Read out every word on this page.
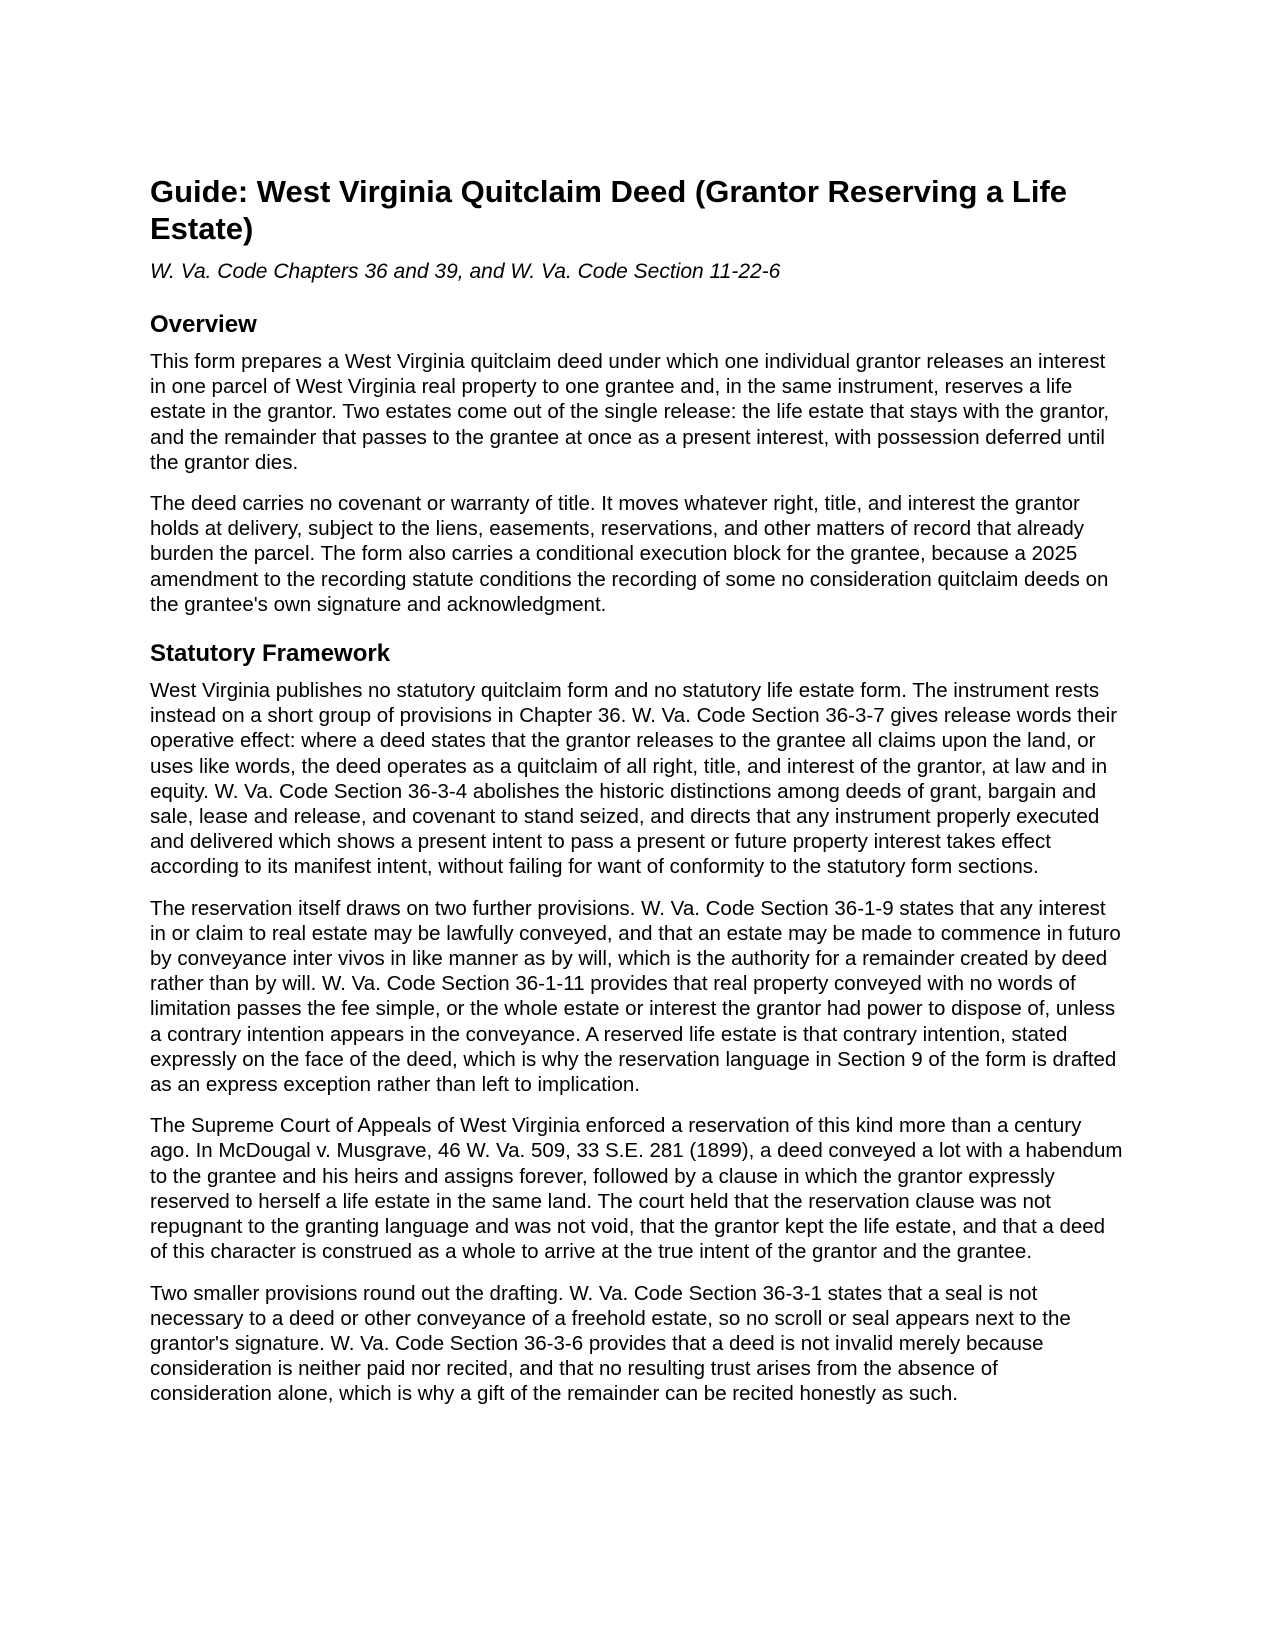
Guide: West Virginia Quitclaim Deed (Grantor Reserving a Life Estate)
W. Va. Code Chapters 36 and 39, and W. Va. Code Section 11-22-6
Overview

This form prepares a West Virginia quitclaim deed under which one individual grantor releases an interest in one parcel of West Virginia real property to one grantee and, in the same instrument, reserves a life estate in the grantor. Two estates come out of the single release: the life estate that stays with the grantor, and the remainder that passes to the grantee at once as a present interest, with possession deferred until the grantor dies.

The deed carries no covenant or warranty of title. It moves whatever right, title, and interest the grantor holds at delivery, subject to the liens, easements, reservations, and other matters of record that already burden the parcel. The form also carries a conditional execution block for the grantee, because a 2025 amendment to the recording statute conditions the recording of some no consideration quitclaim deeds on the grantee's own signature and acknowledgment.

Statutory Framework

West Virginia publishes no statutory quitclaim form and no statutory life estate form. The instrument rests instead on a short group of provisions in Chapter 36. W. Va. Code Section 36-3-7 gives release words their operative effect: where a deed states that the grantor releases to the grantee all claims upon the land, or uses like words, the deed operates as a quitclaim of all right, title, and interest of the grantor, at law and in equity. W. Va. Code Section 36-3-4 abolishes the historic distinctions among deeds of grant, bargain and sale, lease and release, and covenant to stand seized, and directs that any instrument properly executed and delivered which shows a present intent to pass a present or future property interest takes effect according to its manifest intent, without failing for want of conformity to the statutory form sections.

The reservation itself draws on two further provisions. W. Va. Code Section 36-1-9 states that any interest in or claim to real estate may be lawfully conveyed, and that an estate may be made to commence in futuro by conveyance inter vivos in like manner as by will, which is the authority for a remainder created by deed rather than by will. W. Va. Code Section 36-1-11 provides that real property conveyed with no words of limitation passes the fee simple, or the whole estate or interest the grantor had power to dispose of, unless a contrary intention appears in the conveyance. A reserved life estate is that contrary intention, stated expressly on the face of the deed, which is why the reservation language in Section 9 of the form is drafted as an express exception rather than left to implication.

The Supreme Court of Appeals of West Virginia enforced a reservation of this kind more than a century ago. In McDougal v. Musgrave, 46 W. Va. 509, 33 S.E. 281 (1899), a deed conveyed a lot with a habendum to the grantee and his heirs and assigns forever, followed by a clause in which the grantor expressly reserved to herself a life estate in the same land. The court held that the reservation clause was not repugnant to the granting language and was not void, that the grantor kept the life estate, and that a deed of this character is construed as a whole to arrive at the true intent of the grantor and the grantee.

Two smaller provisions round out the drafting. W. Va. Code Section 36-3-1 states that a seal is not necessary to a deed or other conveyance of a freehold estate, so no scroll or seal appears next to the grantor's signature. W. Va. Code Section 36-3-6 provides that a deed is not invalid merely because consideration is neither paid nor recited, and that no resulting trust arises from the absence of consideration alone, which is why a gift of the remainder can be recited honestly as such.
